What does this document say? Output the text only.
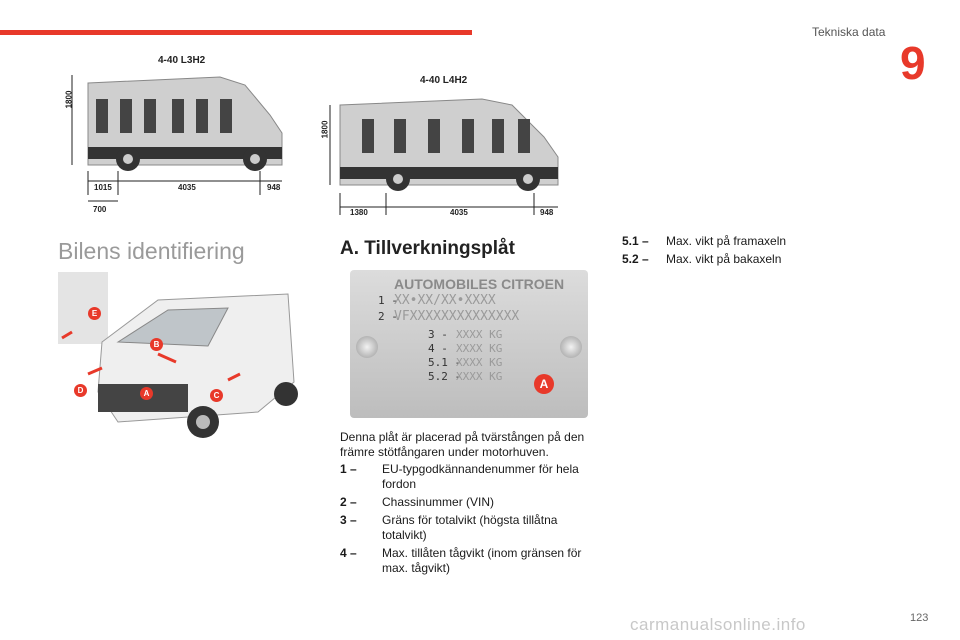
Tekniska data
9
4-40 L3H2
1800
1015	4035	948
700
4-40 L4H2
1800
1380	4035	948
Bilens identifiering
E
B
D	A	C
A. Tillverkningsplåt
AUTOMOBILES CITROEN
1 -
XX•XX/XX•XXXX
2 -
VFXXXXXXXXXXXXXX
3 - XXXX KG
4 - XXXX KG
5.1 -
XXXX KG
5.2 -
XXXX KG
A
Denna plåt är placerad på tvärstången på den främre stötfångaren under motorhuven.
1 –	EU-typgodkännandenummer för hela fordon
2 –	Chassinummer (VIN)
3 –	Gräns för totalvikt (högsta tillåtna totalvikt)
4 –	Max. tillåten tågvikt (inom gränsen för max. tågvikt)
5.1 –	Max. vikt på framaxeln
5.2 –	Max. vikt på bakaxeln
carmanualsonline.info	123
